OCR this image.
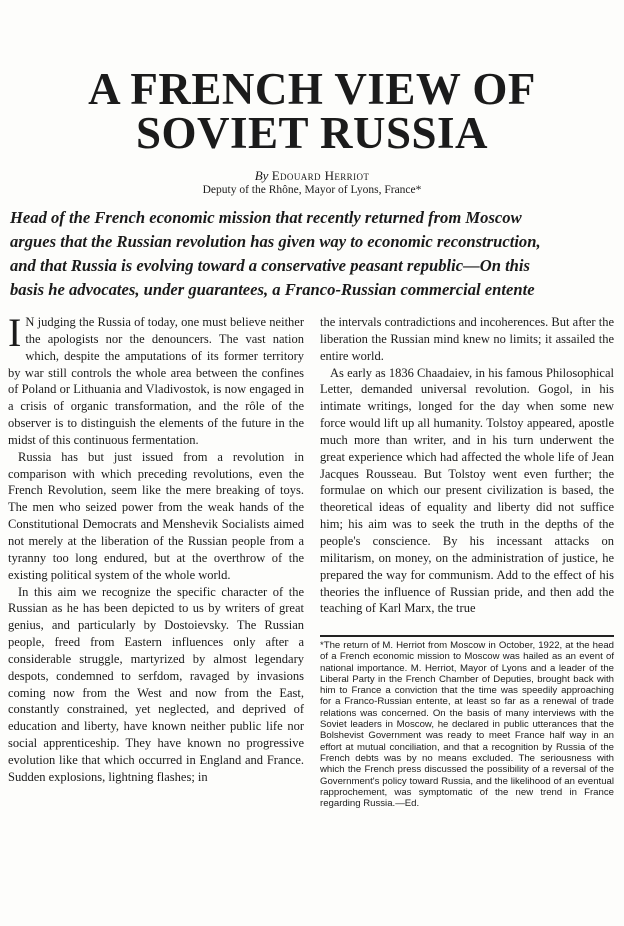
A FRENCH VIEW OF
SOVIET RUSSIA
By Edouard Herriot
Deputy of the Rhône, Mayor of Lyons, France*
Head of the French economic mission that recently returned from Moscow
argues that the Russian revolution has given way to economic reconstruction,
and that Russia is evolving toward a conservative peasant republic—On this
basis he advocates, under guarantees, a Franco-Russian commercial entente

I N judging the Russia of today, one must believe neither the apologists nor the denouncers. The vast nation which, despite the amputations of its former territory by war still controls the whole area between the confines of Poland or Lithuania and Vladivostok, is now engaged in a crisis of organic transformation, and the rôle of the observer is to distinguish the elements of the future in the midst of this continuous fermentation.

Russia has but just issued from a revolution in comparison with which preceding revolutions, even the French Revolution, seem like the mere breaking of toys. The men who seized power from the weak hands of the Constitutional Democrats and Menshevik Socialists aimed not merely at the liberation of the Russian people from a tyranny too long endured, but at the overthrow of the existing political system of the whole world.

In this aim we recognize the specific character of the Russian as he has been depicted to us by writers of great genius, and particularly by Dostoievsky. The Russian people, freed from Eastern influences only after a considerable struggle, martyrized by almost legendary despots, condemned to serfdom, ravaged by invasions coming now from the West and now from the East, constantly constrained, yet neglected, and deprived of education and liberty, have known neither public life nor social apprenticeship. They have known no progressive evolution like that which occurred in England and France. Sudden explosions, lightning flashes; in

the intervals contradictions and incoherences. But after the liberation the Russian mind knew no limits; it assailed the entire world.

As early as 1836 Chaadaiev, in his famous Philosophical Letter, demanded universal revolution. Gogol, in his intimate writings, longed for the day when some new force would lift up all humanity. Tolstoy appeared, apostle much more than writer, and in his turn underwent the great experience which had affected the whole life of Jean Jacques Rousseau. But Tolstoy went even further; the formulae on which our present civilization is based, the theoretical ideas of equality and liberty did not suffice him; his aim was to seek the truth in the depths of the people's conscience. By his incessant attacks on militarism, on money, on the administration of justice, he prepared the way for communism. Add to the effect of his theories the influence of Russian pride, and then add the teaching of Karl Marx, the true

*The return of M. Herriot from Moscow in October, 1922, at the head of a French economic mission to Moscow was hailed as an event of national importance. M. Herriot, Mayor of Lyons and a leader of the Liberal Party in the French Chamber of Deputies, brought back with him to France a conviction that the time was speedily approaching for a Franco-Russian entente, at least so far as a renewal of trade relations was concerned. On the basis of many interviews with the Soviet leaders in Moscow, he declared in public utterances that the Bolshevist Government was ready to meet France half way in an effort at mutual conciliation, and that a recognition by Russia of the French debts was by no means excluded. The seriousness with which the French press discussed the possibility of a reversal of the Government's policy toward Russia, and the likelihood of an eventual rapprochement, was symptomatic of the new trend in France regarding Russia.—Ed.
